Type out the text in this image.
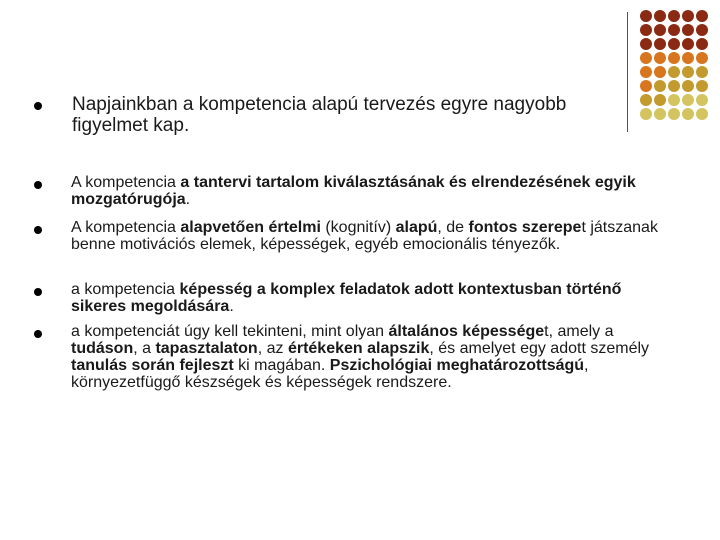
Napjainkban a kompetencia alapú tervezés egyre nagyobb figyelmet kap.
A kompetencia a tantervi tartalom kiválasztásának és elrendezésének egyik mozgatórugója.
A kompetencia alapvetően értelmi (kognitív) alapú, de fontos szerepet játszanak benne motivációs elemek, képességek, egyéb emocionális tényezők.
a kompetencia képesség a komplex feladatok adott kontextusban történő sikeres megoldására.
a kompetenciát úgy kell tekinteni, mint olyan általános képességet, amely a tudáson, a tapasztalaton, az értékeken alapszik, és amelyet egy adott személy tanulás során fejleszt ki magában. Pszichológiai meghatározottságú, környezetfüggő készségek és képességek rendszere.
